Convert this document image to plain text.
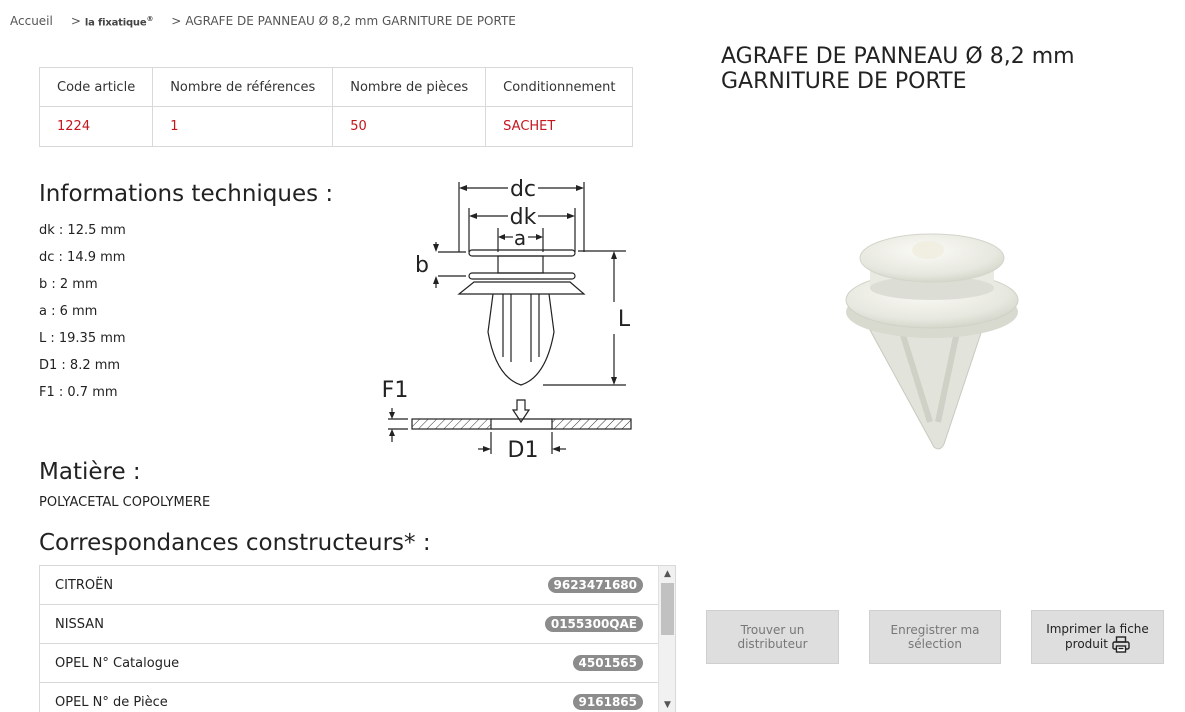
Accueil > la fixatique® > AGRAFE DE PANNEAU Ø 8,2 mm GARNITURE DE PORTE
Code article	Nombre de références	Nombre de pièces	Conditionnement
1224	1	50	SACHET
AGRAFE DE PANNEAU Ø 8,2 mm GARNITURE DE PORTE
Informations techniques :
dk : 12.5 mm
dc : 14.9 mm
b : 2 mm
a : 6 mm
L : 19.35 mm
D1 : 8.2 mm
F1 : 0.7 mm
dc
dk
a
b
L
F1
D1
Matière :
POLYACETAL COPOLYMERE
Correspondances constructeurs* :
CITROËN	9623471680
NISSAN	0155300QAE
OPEL N° Catalogue	4501565
OPEL N° de Pièce	9161865
▲
▼
Trouver un
distributeur
Enregistrer ma
sélection
Imprimer la fiche
produit
